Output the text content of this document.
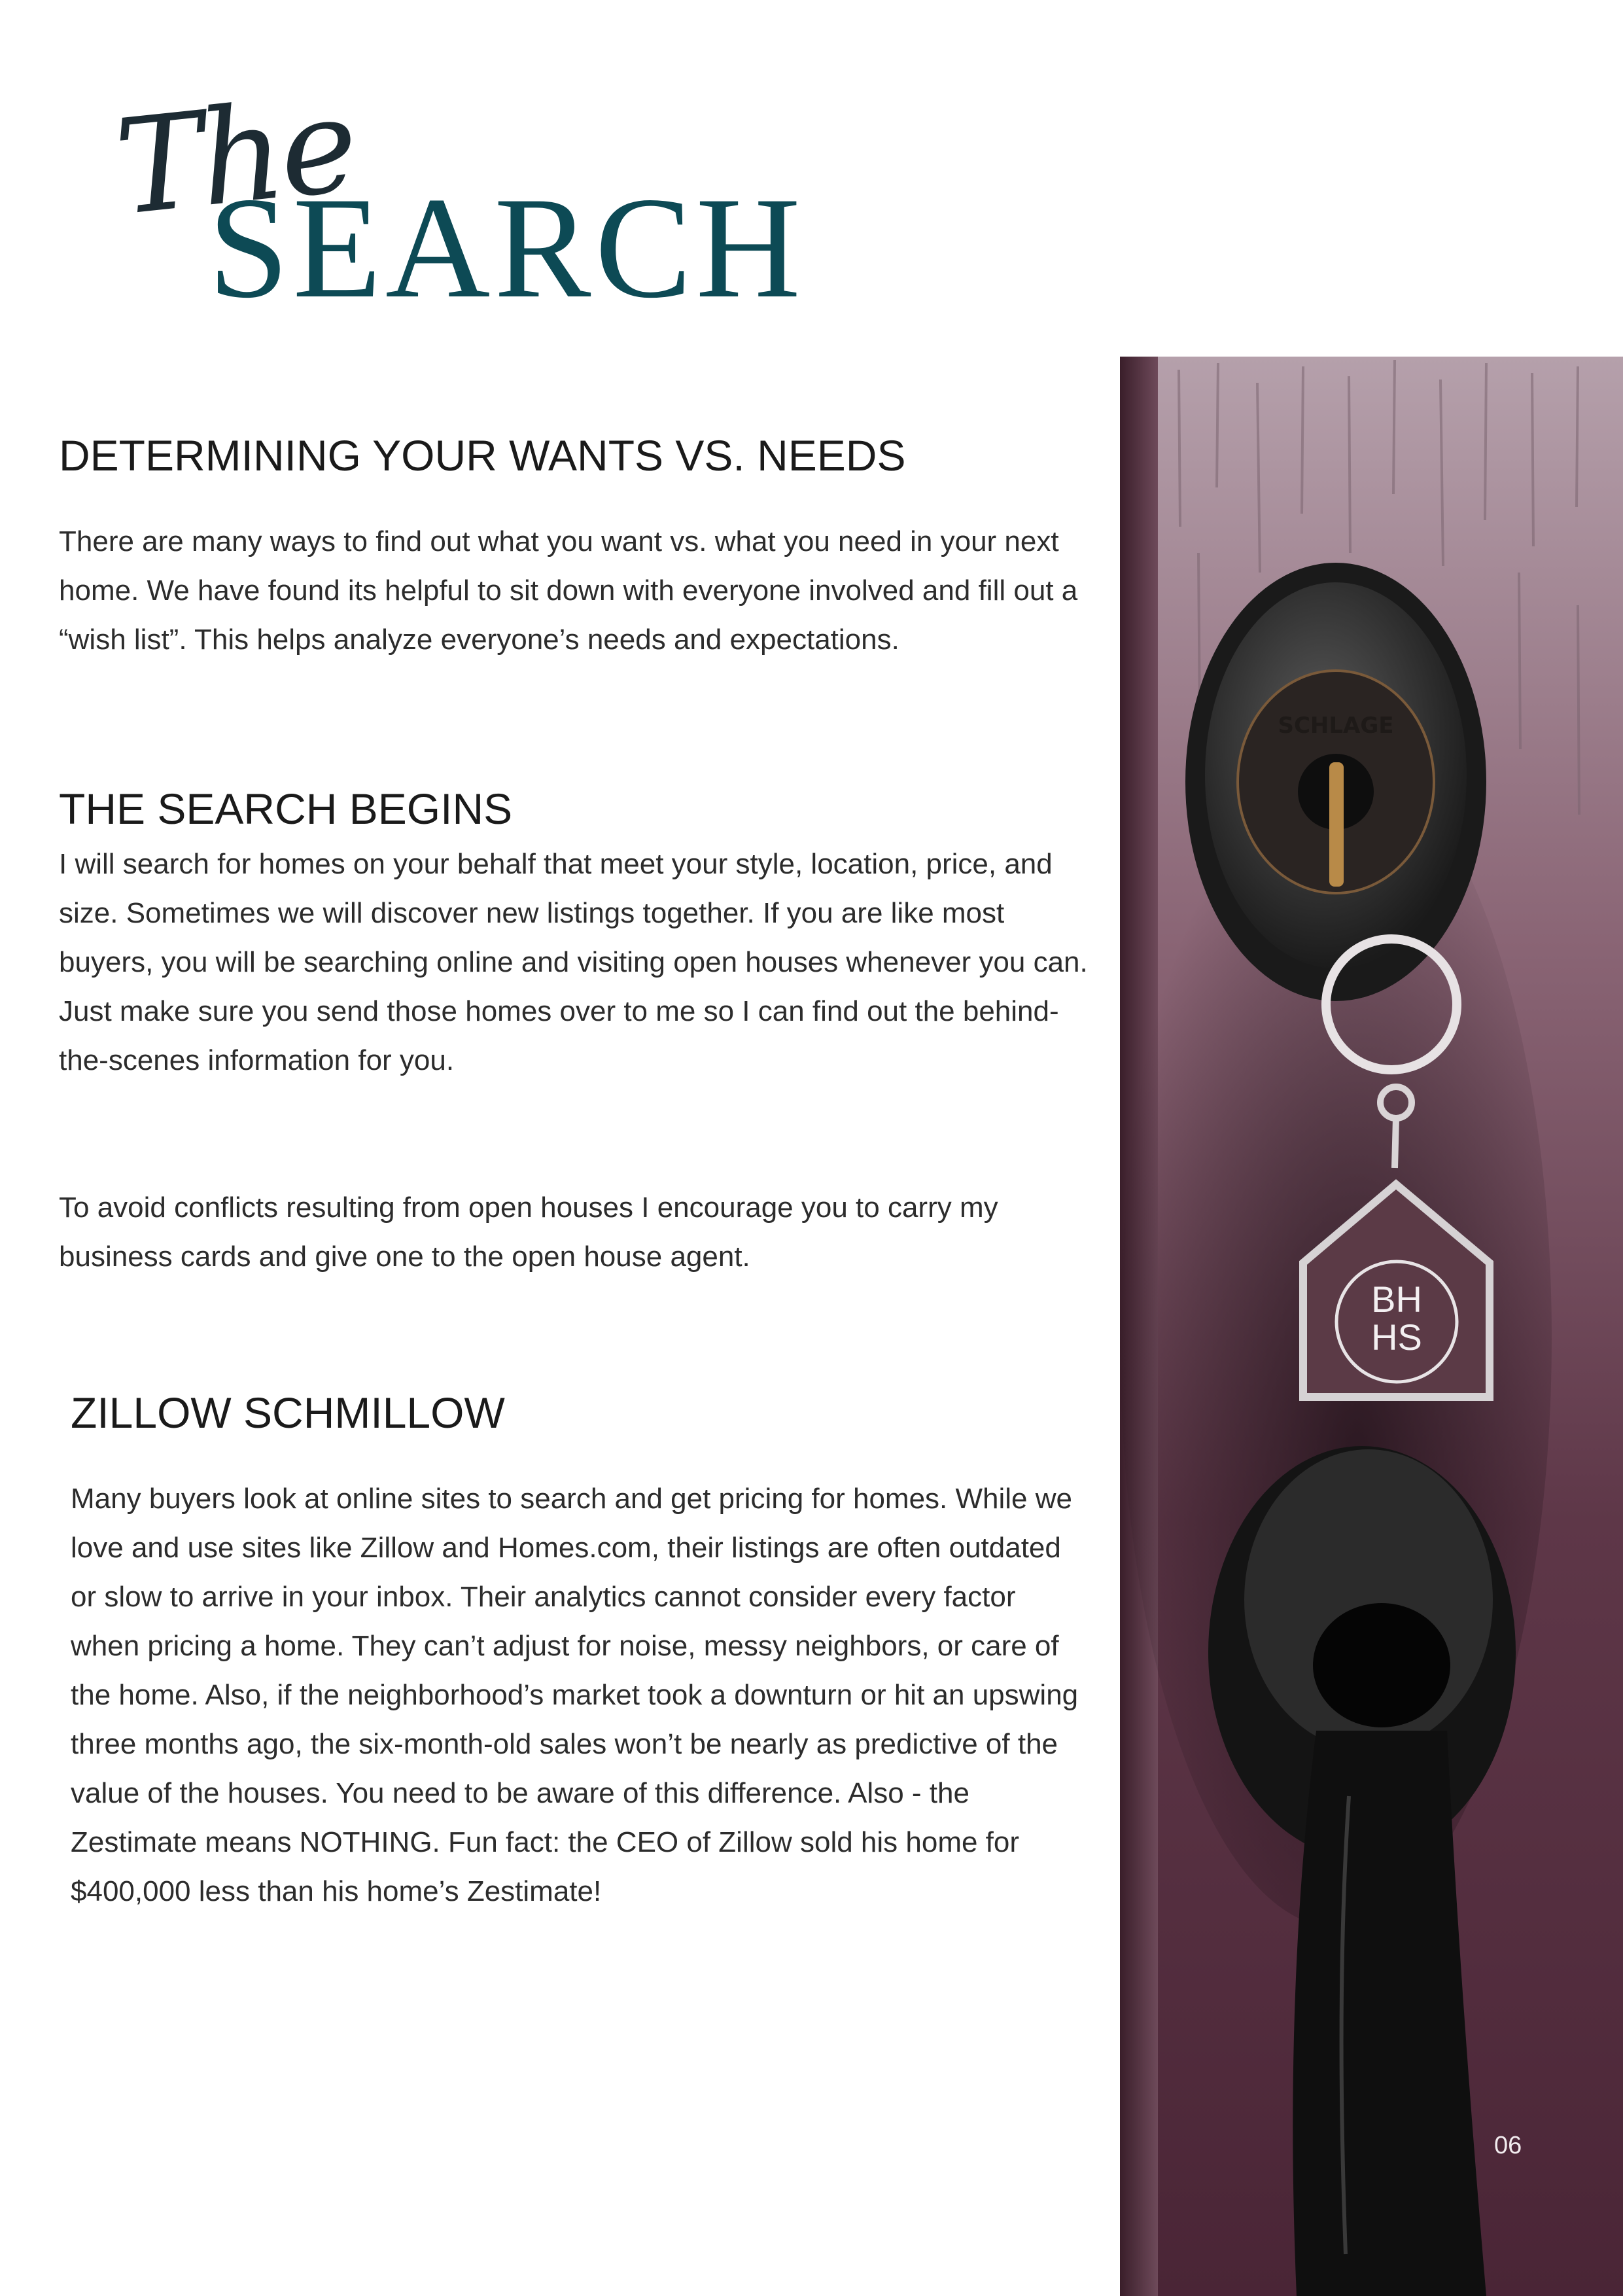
The
SEARCH
DETERMINING YOUR WANTS VS. NEEDS

There are many ways to find out what you want vs. what you need in your next home. We have found its helpful to sit down with everyone involved and fill out a “wish list”. This helps analyze everyone’s needs and expectations.

THE SEARCH BEGINS

I will search for homes on your behalf that meet your style, location, price, and size. Sometimes we will discover new listings together. If you are like most buyers, you will be searching online and visiting open houses whenever you can. Just make sure you send those homes over to me so I can find out the behind-the-scenes information for you.

To avoid conflicts resulting from open houses I encourage you to carry my business cards and give one to the open house agent.

ZILLOW SCHMILLOW

Many buyers look at online sites to search and get pricing for homes. While we love and use sites like Zillow and Homes.com, their listings are often outdated or slow to arrive in your inbox. Their analytics cannot consider every factor when pricing a home. They can’t adjust for noise, messy neighbors, or care of the home. Also, if the neighborhood’s market took a downturn or hit an upswing three months ago, the six-month-old sales won’t be nearly as predictive of the value of the houses. You need to be aware of this difference. Also - the Zestimate means NOTHING. Fun fact: the CEO of Zillow sold his home for $400,000 less than his home’s Zestimate!

SCHLAGE
BH
HS
06
